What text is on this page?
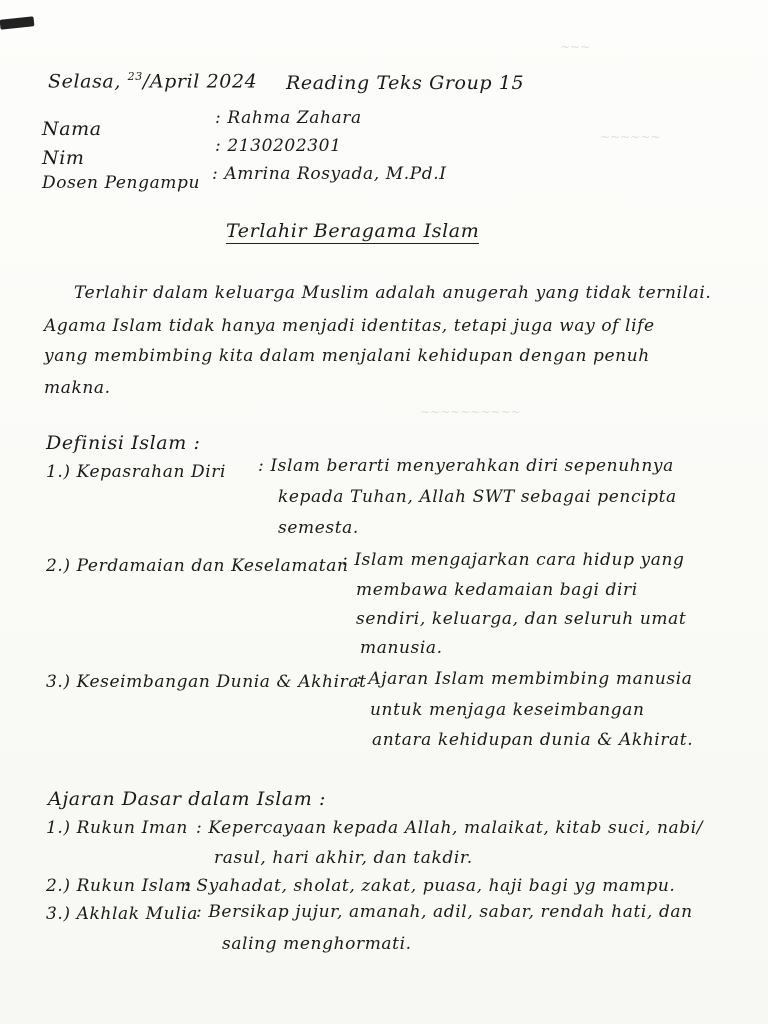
~~~
~~~~~~
~~~~~~~~~~
Selasa, $^{23}$/April 2024 Reading Teks Group 15
Nama	: Rahma Zahara
Nim
: 2130202301
Dosen Pengampu : Amrina Rosyada, M.Pd.I
Terlahir Beragama Islam
Terlahir dalam keluarga Muslim adalah anugerah yang tidak ternilai.
Agama Islam tidak hanya menjadi identitas, tetapi juga way of life
yang membimbing kita dalam menjalani kehidupan dengan penuh
makna.
Definisi Islam :
1.) Kepasrahan Diri : Islam berarti menyerahkan diri sepenuhnya
kepada Tuhan, Allah SWT sebagai pencipta
semesta.
2.) Perdamaian dan Keselamatan
: Islam mengajarkan cara hidup yang
membawa kedamaian bagi diri
sendiri, keluarga, dan seluruh umat
manusia.
3.) Keseimbangan Dunia & Akhirat
: Ajaran Islam membimbing manusia
untuk menjaga keseimbangan
antara kehidupan dunia & Akhirat.
Ajaran Dasar dalam Islam :
1.) Rukun Iman : Kepercayaan kepada Allah, malaikat, kitab suci, nabi/
rasul, hari akhir, dan takdir.
2.) Rukun Islam
: Syahadat, sholat, zakat, puasa, haji bagi yg mampu.
3.) Akhlak Mulia
: Bersikap jujur, amanah, adil, sabar, rendah hati, dan
saling menghormati.
